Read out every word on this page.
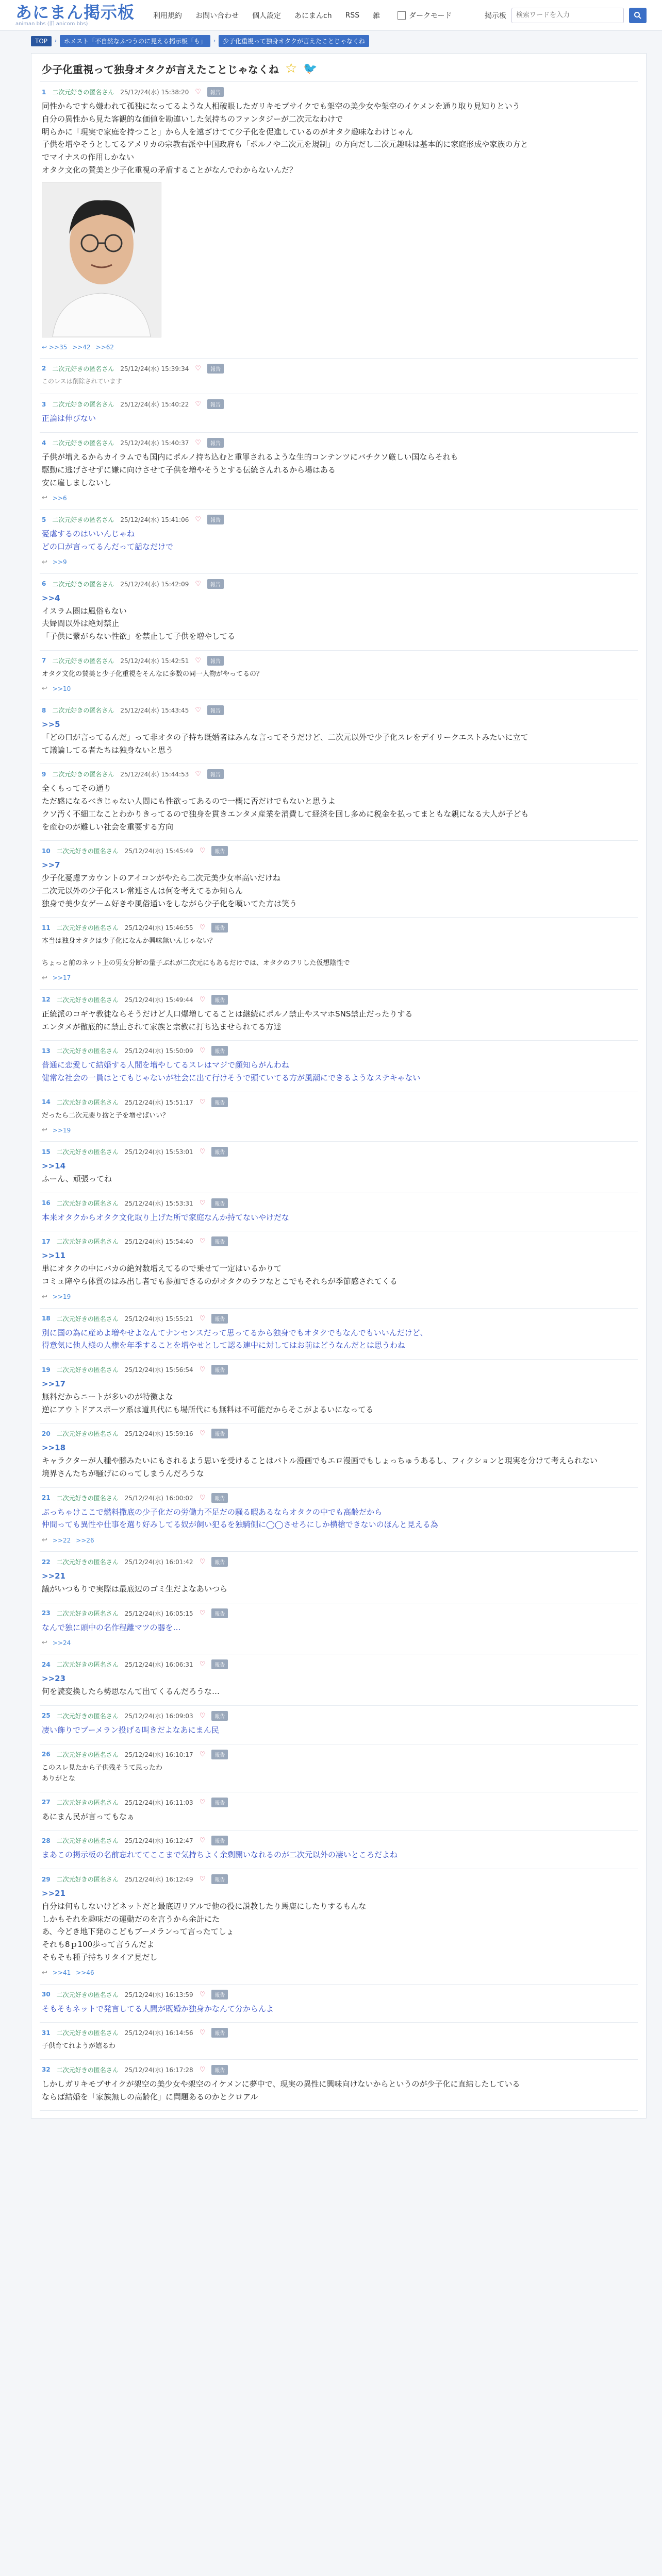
あにまん掲示板
animan bbs (旧 anicom bbs)
利用規約 お問い合わせ 個人設定 あにまんch RSS 雑	ダークモード	掲示板
検索ワードを入力
TOP	›	ホメスト「不自然なふつうのに見える掲示板「も」	›	少子化重視って独身オタクが言えたことじゃなくね
少子化重視って独身オタクが言えたことじゃなくね ☆ 🐦
1 二次元好きの匿名さん 25/12/24(水) 15:38:20 ♡	報告
同性からですら嫌われて孤独になってるような人相破眼したガリキモブサイクでも架空の美少女や架空のイケメンを通り取り見知りという
自分の異性から見た客観的な価値を勘違いした気持ちのファンタジーが二次元なわけで
明らかに「現実で家庭を持つこと」から人を遠ざけてて少子化を促進しているのがオタク趣味なわけじゃん
子供を増やそうとしてるアメリカの宗教右派や中国政府も「ポルノや二次元を規制」の方向だし二次元趣味は基本的に家庭形成や家族の方と
でマイナスの作用しかない
オタク文化の賛美と少子化重視の矛盾することがなんでわからないんだ？
↩ >>35 >>42 >>62
2 二次元好きの匿名さん 25/12/24(水) 15:39:34 ♡	報告
このレスは削除されています
3 二次元好きの匿名さん 25/12/24(水) 15:40:22 ♡	報告
正論は伸びない
4 二次元好きの匿名さん 25/12/24(水) 15:40:37 ♡	報告
子供が増えるからカイラムでも国内にポルノ持ち込むと重罪されるような生的コンテンツにバチクソ厳しい国ならそれも
駆動に逃げさせずに嫌に向けさせて子供を増やそうとする伝統さんれるから場はある
安に雇しましないし
↩ >>6
5 二次元好きの匿名さん 25/12/24(水) 15:41:06 ♡	報告
憂虐するのはいいんじゃね
どの口が言ってるんだって話なだけで
↩ >>9
6 二次元好きの匿名さん 25/12/24(水) 15:42:09 ♡	報告
>>4
イスラム圏は風俗もない
夫婦間以外は絶対禁止
「子供に繋がらない性欲」を禁止して子供を増やしてる
7 二次元好きの匿名さん 25/12/24(水) 15:42:51 ♡	報告
オタク文化の賛美と少子化重視をそんなに多数の同一人物がやってるの？
↩ >>10
8 二次元好きの匿名さん 25/12/24(水) 15:43:45 ♡	報告
>>5
「どの口が言ってるんだ」って非オタの子持ち既婚者はみんな言ってそうだけど、二次元以外で少子化スレをデイリークエストみたいに立て
て議論してる者たちは独身ないと思う
9 二次元好きの匿名さん 25/12/24(水) 15:44:53 ♡	報告
全くもってその通り
ただ感になるべきじゃない人間にも性欲ってあるので一概に否だけでもないと思うよ
クソ汚く不細工なことわかりきってるので独身を貫きエンタメ産業を消費して経済を回し多めに税金を払ってまともな親になる大人が子ども
を産むのが難しい社会を重要する方向
10 二次元好きの匿名さん 25/12/24(水) 15:45:49 ♡	報告
>>7
少子化憂慮アカウントのアイコンがやたら二次元美少女率高いだけね
二次元以外の少子化スレ常連さんは何を考えてるか知らん
独身で美少女ゲーム好きや風俗通いをしながら少子化を嘆いてた方は笑う
11 二次元好きの匿名さん 25/12/24(水) 15:46:55 ♡	報告
本当は独身オタクは少子化になんか興味無いんじゃない？

ちょっと前のネット上の男女分断の量子ぶれが二次元にもあるだけでは、オタクのフリした仮想陰性で
↩ >>17
12 二次元好きの匿名さん 25/12/24(水) 15:49:44 ♡	報告
正統派のコギヤ教徒ならそうだけど人口爆増してることは継続にポルノ禁止やスマホSNS禁止だったりする
エンタメが徹底的に禁止されて家族と宗教に打ち込ませられてる方達
13 二次元好きの匿名さん 25/12/24(水) 15:50:09 ♡	報告
普通に恋愛して結婚する人間を増やしてるスレはマジで顔知らがんわね
健常な社会の一員はとてもじゃないが社会に出て行けそうで頭ていてる方が風潮にできるようなステキゃない
14 二次元好きの匿名さん 25/12/24(水) 15:51:17 ♡	報告
だったら二次元要り捨と子を増せばいい？
↩ >>19
15 二次元好きの匿名さん 25/12/24(水) 15:53:01 ♡	報告
>>14
ふーん、頑張ってね
16 二次元好きの匿名さん 25/12/24(水) 15:53:31 ♡	報告
本来オタクからオタク文化取り上げた所で家庭なんか持てないやけだな
17 二次元好きの匿名さん 25/12/24(水) 15:54:40 ♡	報告
>>11
単にオタクの中にバカの絶対数増えてるので乗せて一定はいるかりて
コミュ障やら体質のはみ出し者でも参加できるのがオタクのラフなとこでもそれらが季節感されてくる
↩ >>19
18 二次元好きの匿名さん 25/12/24(水) 15:55:21 ♡	報告
別に国の為に産めよ増やせよなんてナンセンスだって思ってるから独身でもオタクでもなんでもいいんだけど、
得意気に他人様の人権を年季することを増やせとして認る連中に対してはお前はどうなんだとは思うわね
19 二次元好きの匿名さん 25/12/24(水) 15:56:54 ♡	報告
>>17
無料だからニートが多いのが特徴よな
逆にアウトドアスポーツ系は道具代にも場所代にも無料は不可能だからそこがよるいになってる
20 二次元好きの匿名さん 25/12/24(水) 15:59:16 ♡	報告
>>18
キャラクターが人種や膝みたいにもされるよう思いを受けることはバトル漫画でもエロ漫画でもしょっちゅうあるし、フィクションと現実を分けて考えられない
境界さんたちが騒げにのってしまうんだろうな
21 二次元好きの匿名さん 25/12/24(水) 16:00:02 ♡	報告
ぶっちゃけここで燃料撒底の少子化だの労働力不足だの騒る暇あるならオタクの中でも高齢だから
仲間っても異性や仕事を選り好みしてる奴が飼い犯るを独騎側に◯◯させろにしか横槍できないのほんと見える為
↩ >>22 >>26
22 二次元好きの匿名さん 25/12/24(水) 16:01:42 ♡	報告
>>21
議がいつもりで実際は最底辺のゴミ生だよなあいつら
23 二次元好きの匿名さん 25/12/24(水) 16:05:15 ♡	報告
なんで独に頭中の名作程離マツの器を…
↩ >>24
24 二次元好きの匿名さん 25/12/24(水) 16:06:31 ♡	報告
>>23
何を読変換したら勢思なんて出てくるんだろうな…
25 二次元好きの匿名さん 25/12/24(水) 16:09:03 ♡	報告
凄い飾りでブーメラン投げる叫きだよなあにまん民
26 二次元好きの匿名さん 25/12/24(水) 16:10:17 ♡	報告
このスレ見たから子供残そうて思ったわ
ありがとな
27 二次元好きの匿名さん 25/12/24(水) 16:11:03 ♡	報告
あにまん民が言ってもなぁ
28 二次元好きの匿名さん 25/12/24(水) 16:12:47 ♡	報告
まあこの掲示板の名前忘れててここまで気持ちよく余剰開いなれるのが二次元以外の凄いところだよね
29 二次元好きの匿名さん 25/12/24(水) 16:12:49 ♡	報告
>>21
自分は何もしないけどネットだと最底辺リアルで他の役に説教したり馬鹿にしたりするもんな
しかもそれを趣味だの運動だのを言うから余計にた
あ、今どき地下発のこどもブーメランって言ったてしょ
それも8ｐ100歩って言うんだよ
そもそも種子持ちリタイア見だし
↩ >>41 >>46
30 二次元好きの匿名さん 25/12/24(水) 16:13:59 ♡	報告
そもそもネットで発言してる人間が既婚か独身かなんて分からんよ
31 二次元好きの匿名さん 25/12/24(水) 16:14:56 ♡	報告
子供育てれようが嬉るわ
32 二次元好きの匿名さん 25/12/24(水) 16:17:28 ♡	報告
しかしガリキモブサイクが架空の美少女や架空のイケメンに夢中で、現実の異性に興味向けないからというのが少子化に直結したしている
ならば結婚を「家族無しの高齢化」に問題あるのかとクロアル
